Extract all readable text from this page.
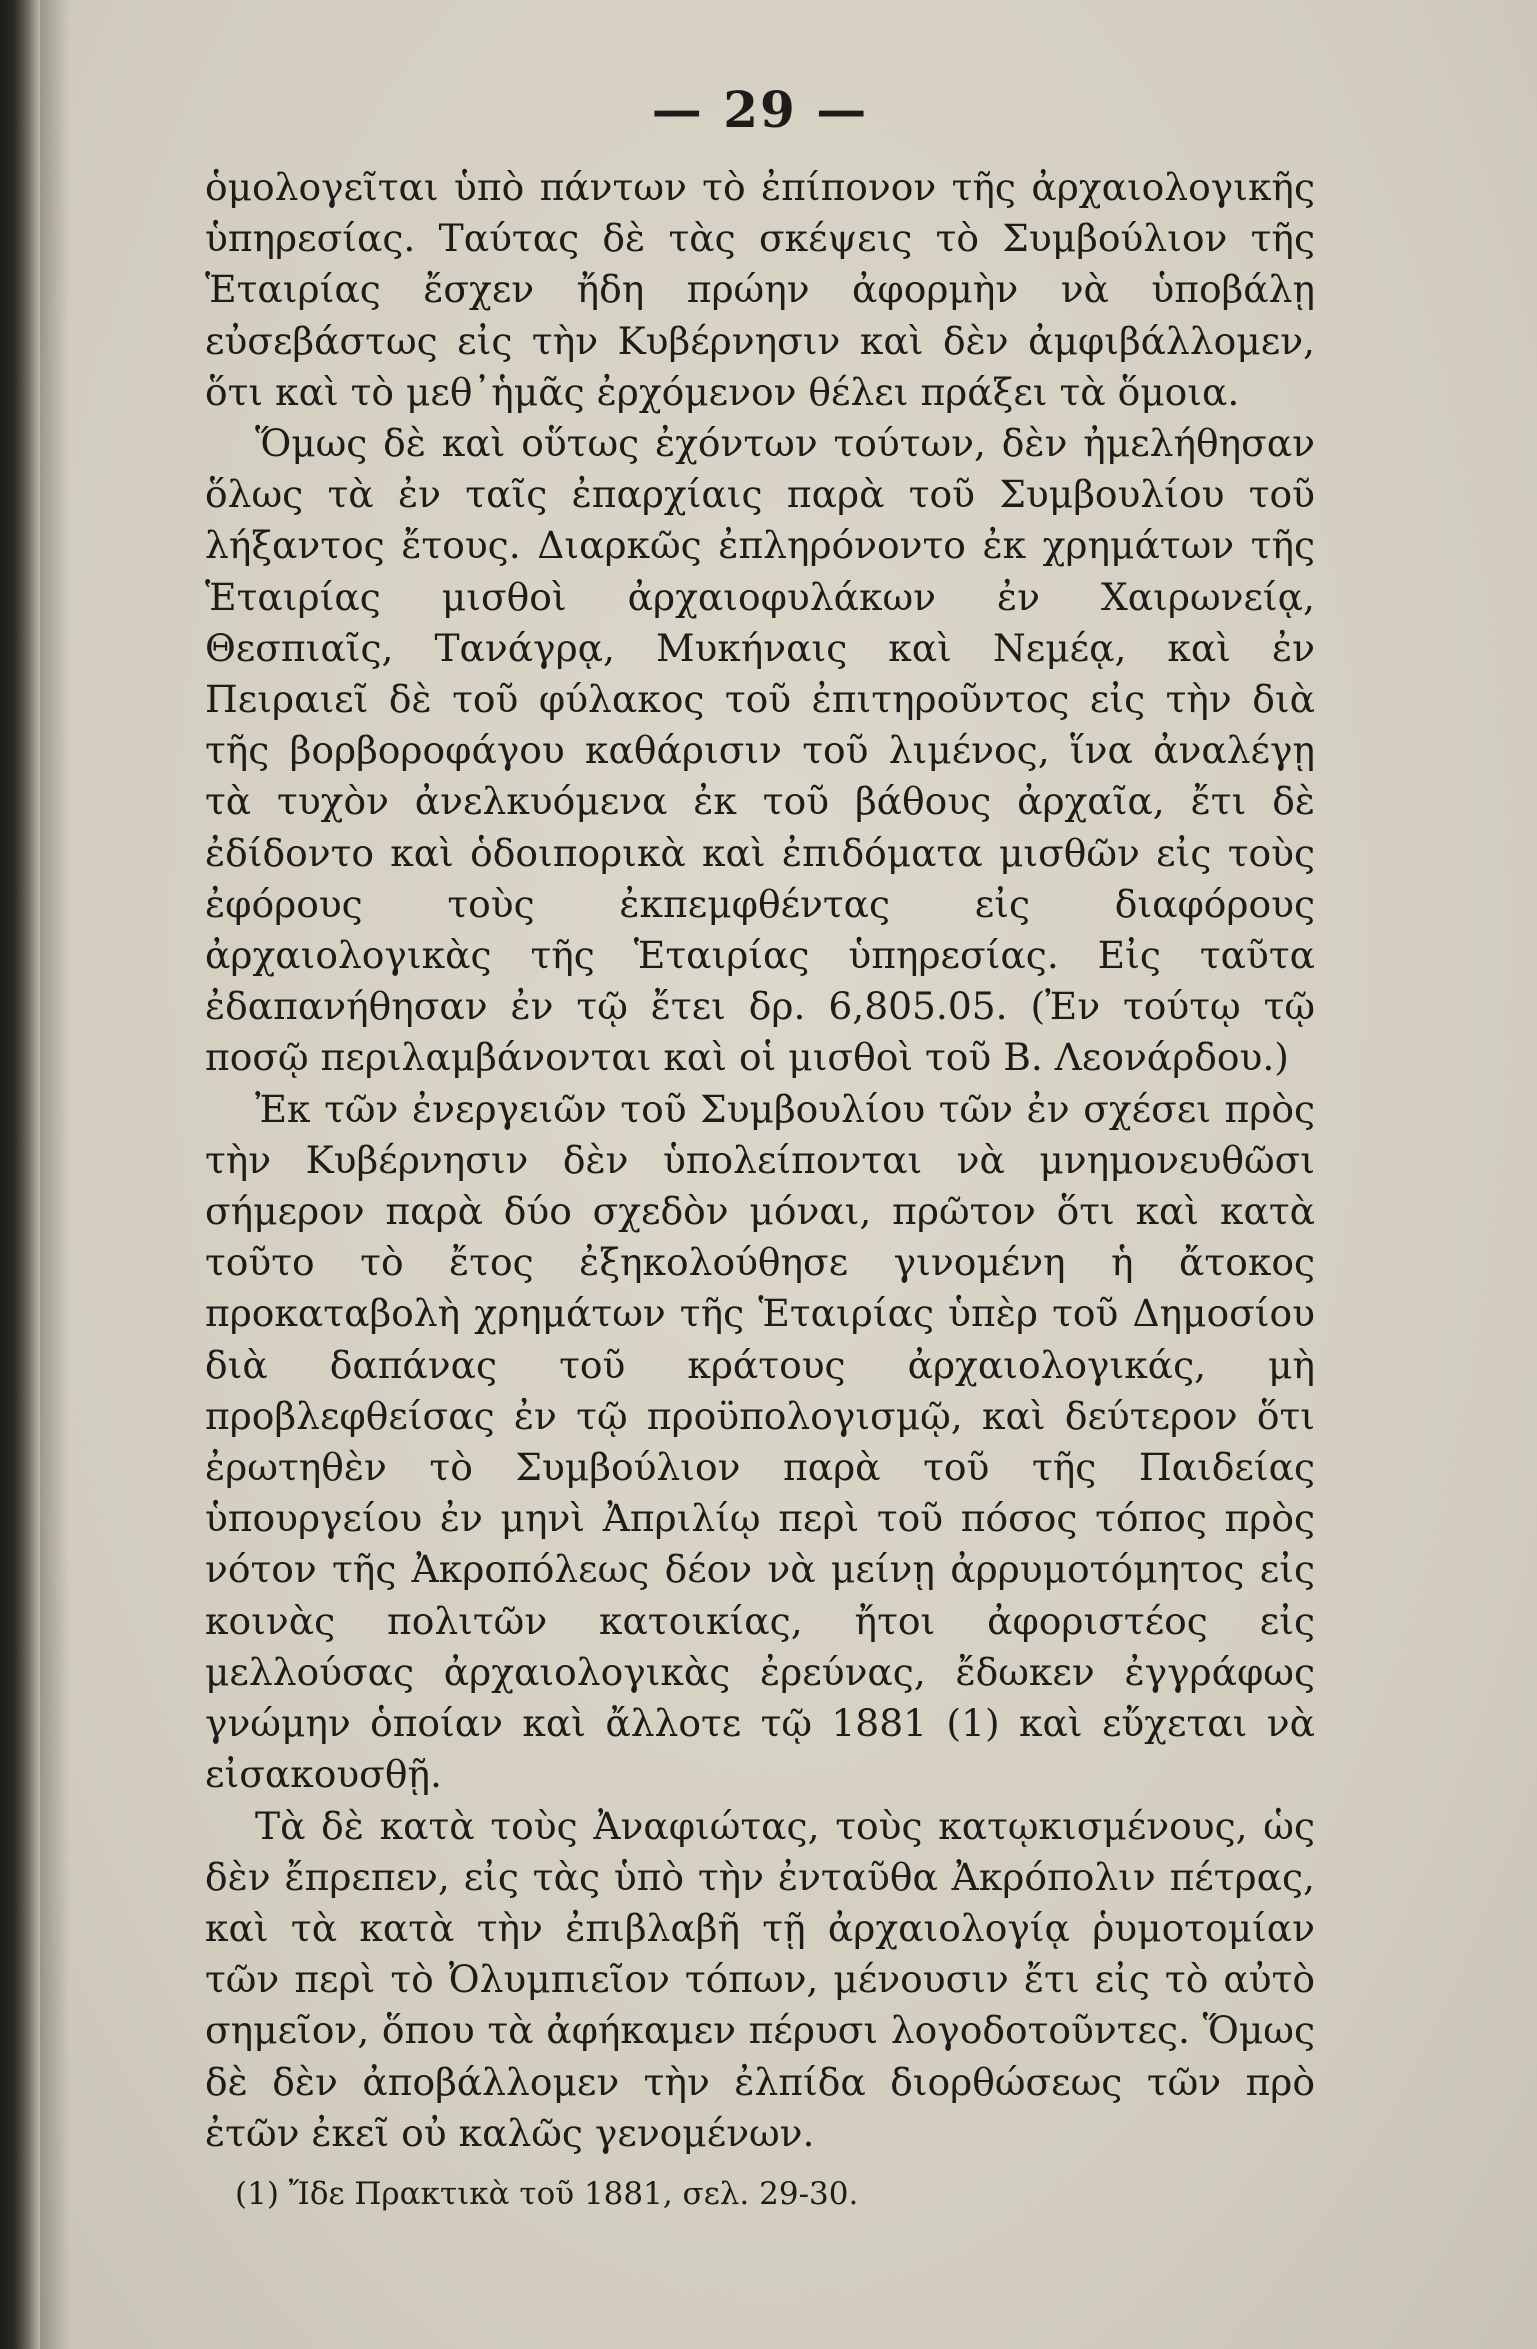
— 29 —

ὁμολογεῖται ὑπὸ πάντων τὸ ἐπίπονον τῆς ἀρχαιολογικῆς ὑπηρεσίας. Ταύτας δὲ τὰς σκέψεις τὸ Συμβούλιον τῆς Ἑταιρίας ἔσχεν ἤδη πρώην ἀφορμὴν νὰ ὑποβάλῃ εὐσεβάστως εἰς τὴν Κυβέρνησιν καὶ δὲν ἀμφιβάλλομεν, ὅτι καὶ τὸ μεθ᾽ἡμᾶς ἐρχόμενον θέλει πράξει τὰ ὅμοια.

Ὅμως δὲ καὶ οὕτως ἐχόντων τούτων, δὲν ἠμελήθησαν ὅλως τὰ ἐν ταῖς ἐπαρχίαις παρὰ τοῦ Συμβουλίου τοῦ λήξαντος ἔτους. Διαρκῶς ἐπληρόνοντο ἐκ χρημάτων τῆς Ἑταιρίας μισθοὶ ἀρχαιοφυλάκων ἐν Χαιρωνείᾳ, Θεσπιαῖς, Τανάγρᾳ, Μυκήναις καὶ Νεμέᾳ, καὶ ἐν Πειραιεῖ δὲ τοῦ φύλακος τοῦ ἐπιτηροῦντος εἰς τὴν διὰ τῆς βορβοροφάγου καθάρισιν τοῦ λιμένος, ἵνα ἀναλέγῃ τὰ τυχὸν ἀνελκυόμενα ἐκ τοῦ βάθους ἀρχαῖα, ἔτι δὲ ἐδίδοντο καὶ ὁδοιπορικὰ καὶ ἐπιδόματα μισθῶν εἰς τοὺς ἐφόρους τοὺς ἐκπεμφθέντας εἰς διαφόρους ἀρχαιολογικὰς τῆς Ἑταιρίας ὑπηρεσίας. Εἰς ταῦτα ἐδαπανήθησαν ἐν τῷ ἔτει δρ. 6,805.05. (Ἐν τούτῳ τῷ ποσῷ περιλαμβάνονται καὶ οἱ μισθοὶ τοῦ Β. Λεονάρδου.)

Ἐκ τῶν ἐνεργειῶν τοῦ Συμβουλίου τῶν ἐν σχέσει πρὸς τὴν Κυβέρνησιν δὲν ὑπολείπονται νὰ μνημονευθῶσι σήμερον παρὰ δύο σχεδὸν μόναι, πρῶτον ὅτι καὶ κατὰ τοῦτο τὸ ἔτος ἐξηκολούθησε γινομένη ἡ ἄτοκος προκαταβολὴ χρημάτων τῆς Ἑταιρίας ὑπὲρ τοῦ Δημοσίου διὰ δαπάνας τοῦ κράτους ἀρχαιολογικάς, μὴ προβλεφθείσας ἐν τῷ προϋπολογισμῷ, καὶ δεύτερον ὅτι ἐρωτηθὲν τὸ Συμβούλιον παρὰ τοῦ τῆς Παιδείας ὑπουργείου ἐν μηνὶ Ἀπριλίῳ περὶ τοῦ πόσος τόπος πρὸς νότον τῆς Ἀκροπόλεως δέον νὰ μείνῃ ἀρρυμοτόμητος εἰς κοινὰς πολιτῶν κατοικίας, ἤτοι ἀφοριστέος εἰς μελλούσας ἀρχαιολογικὰς ἐρεύνας, ἔδωκεν ἐγγράφως γνώμην ὁποίαν καὶ ἄλλοτε τῷ 1881 (1) καὶ εὔχεται νὰ εἰσακουσθῇ.

Τὰ δὲ κατὰ τοὺς Ἀναφιώτας, τοὺς κατῳκισμένους, ὡς δὲν ἔπρεπεν, εἰς τὰς ὑπὸ τὴν ἐνταῦθα Ἀκρόπολιν πέτρας, καὶ τὰ κατὰ τὴν ἐπιβλαβῆ τῇ ἀρχαιολογίᾳ ῥυμοτομίαν τῶν περὶ τὸ Ὀλυμπιεῖον τόπων, μένουσιν ἔτι εἰς τὸ αὐτὸ σημεῖον, ὅπου τὰ ἀφήκαμεν πέρυσι λογοδοτοῦντες. Ὅμως δὲ δὲν ἀποβάλλομεν τὴν ἐλπίδα διορθώσεως τῶν πρὸ ἐτῶν ἐκεῖ οὐ καλῶς γενομένων.

(1) Ἴδε Πρακτικὰ τοῦ 1881, σελ. 29-30.
